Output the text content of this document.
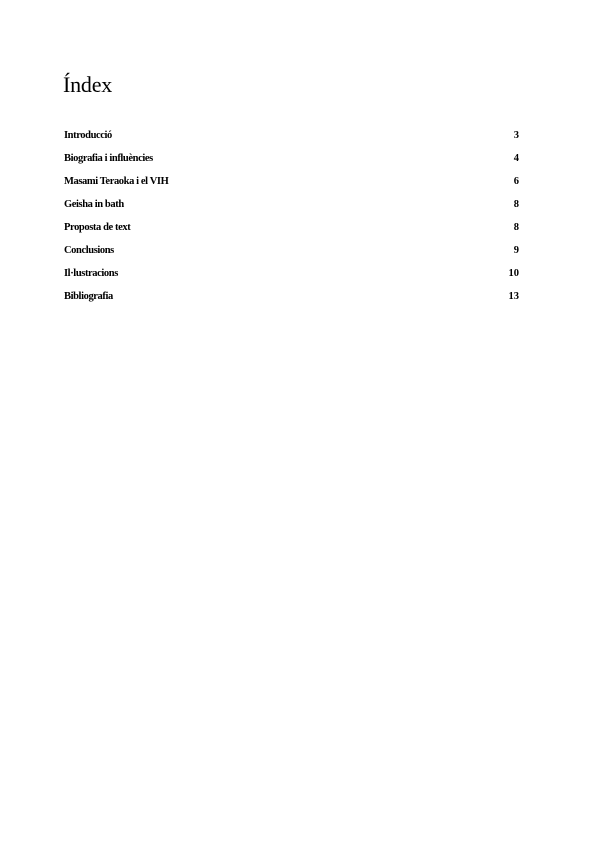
Índex
Introducció	3
Biografia i influències	4
Masami Teraoka i el VIH	6
Geisha in bath	8
Proposta de text	8
Conclusions	9
Il·lustracions	10
Bibliografia	13
